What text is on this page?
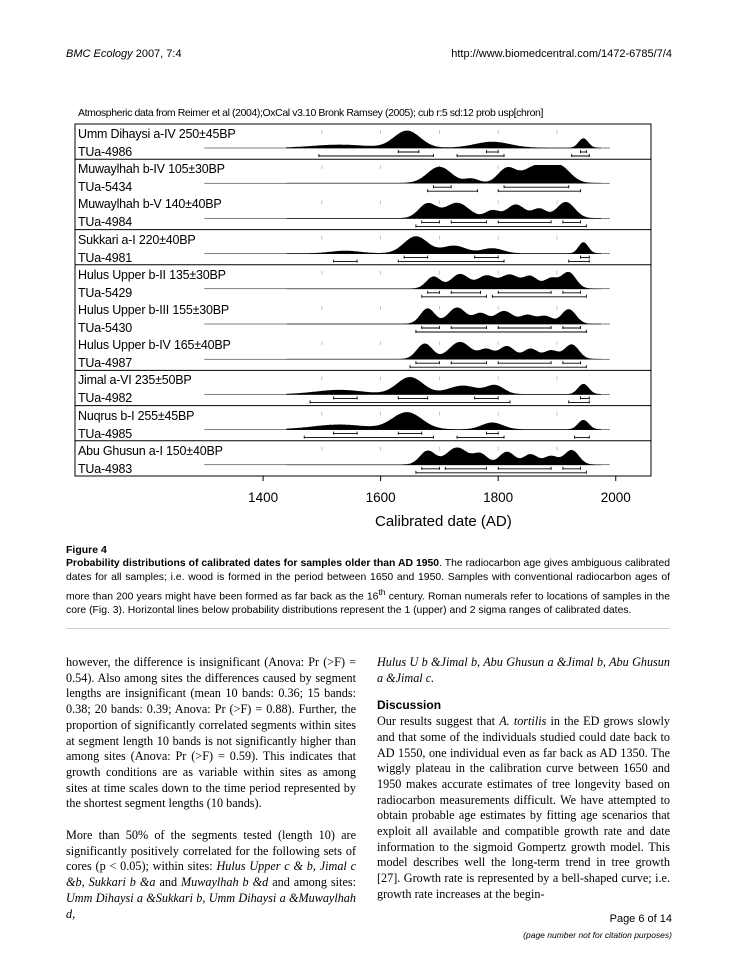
BMC Ecology 2007, 7:4	http://www.biomedcentral.com/1472-6785/7/4
Atmospheric data from Reimer et al (2004);OxCal v3.10 Bronk Ramsey (2005); cub r:5 sd:12 prob usp[chron]
Umm Dihaysi a-IV 250±45BP
TUa-4986
Muwaylhah b-IV 105±30BP
TUa-5434
Muwaylhah b-V 140±40BP
TUa-4984
Sukkari a-I 220±40BP
TUa-4981
Hulus Upper b-II 135±30BP
TUa-5429
Hulus Upper b-III 155±30BP
TUa-5430
Hulus Upper b-IV 165±40BP
TUa-4987
Jimal a-VI 235±50BP
TUa-4982
Nuqrus b-I 255±45BP
TUa-4985
Abu Ghusun a-I 150±40BP
TUa-4983
1400	1600	1800	2000
Calibrated date (AD)
Figure 4
Probability distributions of calibrated dates for samples older than AD 1950. The radiocarbon age gives ambiguous calibrated dates for all samples; i.e. wood is formed in the period between 1650 and 1950. Samples with conventional radiocarbon ages of more than 200 years might have been formed as far back as the 16th century. Roman numerals refer to locations of samples in the core (Fig. 3). Horizontal lines below probability distributions represent the 1 (upper) and 2 sigma ranges of calibrated dates.

however, the difference is insignificant (Anova: Pr (>F) = 0.54). Also among sites the differences caused by segment lengths are insignificant (mean 10 bands: 0.36; 15 bands: 0.38; 20 bands: 0.39; Anova: Pr (>F) = 0.88). Further, the proportion of significantly correlated segments within sites at segment length 10 bands is not significantly higher than among sites (Anova: Pr (>F) = 0.59). This indicates that growth conditions are as variable within sites as among sites at time scales down to the time period represented by the shortest segment lengths (10 bands).

More than 50% of the segments tested (length 10) are significantly positively correlated for the following sets of cores (p < 0.05); within sites: Hulus Upper c & b, Jimal c &b, Sukkari b &a and Muwaylhah b &d and among sites: Umm Dihaysi a &Sukkari b, Umm Dihaysi a &Muwaylhah d,

Hulus U b &Jimal b, Abu Ghusun a &Jimal b, Abu Ghusun a &Jimal c.

Discussion

Our results suggest that A. tortilis in the ED grows slowly and that some of the individuals studied could date back to AD 1550, one individual even as far back as AD 1350. The wiggly plateau in the calibration curve between 1650 and 1950 makes accurate estimates of tree longevity based on radiocarbon measurements difficult. We have attempted to obtain probable age estimates by fitting age scenarios that exploit all available and compatible growth rate and date information to the sigmoid Gompertz growth model. This model describes well the long-term trend in tree growth [27]. Growth rate is represented by a bell-shaped curve; i.e. growth rate increases at the begin-

Page 6 of 14
(page number not for citation purposes)
